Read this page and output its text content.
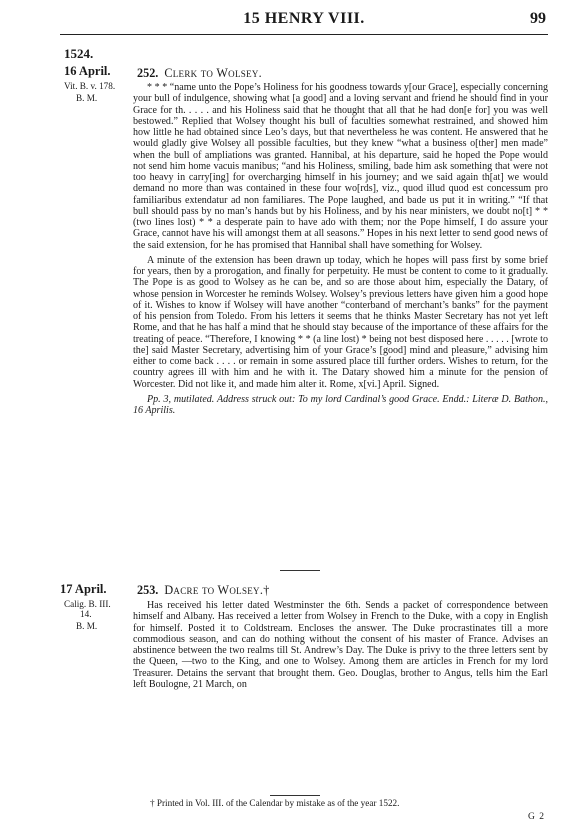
15 HENRY VIII.	99
1524.
16 April.
Vit. B. v. 178.
B. M.
252. Clerk to Wolsey.

* * * “name unto the Pope’s Holiness for his goodness towards y[our Grace], especially concerning your bull of indulgence, showing what [a good] and a loving servant and friend he should find in your Grace for th. . . . . and his Holiness said that he thought that all that he had don[e for] you was well bestowed.” Replied that Wolsey thought his bull of faculties somewhat restrained, and showed him how little he had obtained since Leo’s days, but that nevertheless he was content. He answered that he would gladly give Wolsey all possible faculties, but they knew “what a business o[ther] men made” when the bull of ampliations was granted. Hannibal, at his departure, said he hoped the Pope would not send him home vacuis manibus; “and his Holiness, smiling, bade him ask something that were not too heavy in carry[ing] for overcharging himself in his journey; and we said again th[at] we would demand no more than was contained in these four wo[rds], viz., quod illud quod est concessum pro familiaribus extendatur ad non familiares. The Pope laughed, and bade us put it in writing.” “If that bull should pass by no man’s hands but by his Holiness, and by his near ministers, we doubt no[t] * * (two lines lost) * * a desperate pain to have ado with them; nor the Pope himself, I do assure your Grace, cannot have his will amongst them at all seasons.” Hopes in his next letter to send good news of the said extension, for he has promised that Hannibal shall have something for Wolsey.

A minute of the extension has been drawn up today, which he hopes will pass first by some brief for years, then by a prorogation, and finally for perpetuity. He must be content to come to it gradually. The Pope is as good to Wolsey as he can be, and so are those about him, especially the Datary, of whose pension in Worcester he reminds Wolsey. Wolsey’s previous letters have given him a good hope of it. Wishes to know if Wolsey will have another “conterband of merchant’s banks” for the payment of his pension from Toledo. From his letters it seems that he thinks Master Secretary has not yet left Rome, and that he has half a mind that he should stay because of the importance of these affairs for the treating of peace. “Therefore, I knowing * * (a line lost) * being not best disposed here . . . . . [wrote to the] said Master Secretary, advertising him of your Grace’s [good] mind and pleasure,” advising him either to come back . . . . or remain in some assured place till further orders. Wishes to return, for the country agrees ill with him and he with it. The Datary showed him a minute for the pension of Worcester. Did not like it, and made him alter it. Rome, x[vi.] April. Signed.

Pp. 3, mutilated. Address struck out: To my lord Cardinal’s good Grace. Endd.: Literæ D. Bathon., 16 Aprilis.

17 April.
Calig. B. III.
14.
B. M.
253. Dacre to Wolsey.†

Has received his letter dated Westminster the 6th. Sends a packet of correspondence between himself and Albany. Has received a letter from Wolsey in French to the Duke, with a copy in English for himself. Posted it to Coldstream. Encloses the answer. The Duke procrastinates till a more commodious season, and can do nothing without the consent of his master of France. Advises an abstinence between the two realms till St. Andrew’s Day. The Duke is privy to the three letters sent by the Queen, —two to the King, and one to Wolsey. Among them are articles in French for my lord Treasurer. Detains the servant that brought them. Geo. Douglas, brother to Angus, tells him the Earl left Boulogne, 21 March, on

† Printed in Vol. III. of the Calendar by mistake as of the year 1522.
G 2
